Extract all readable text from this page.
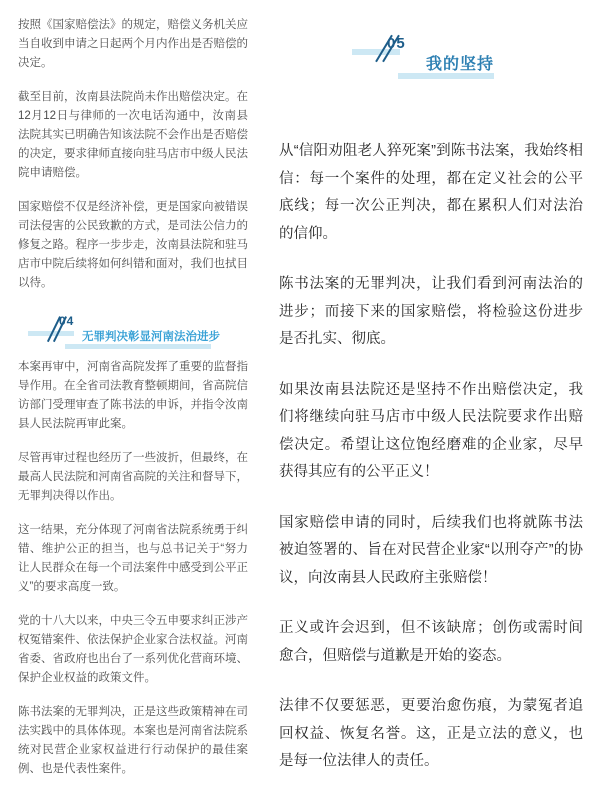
按照《国家赔偿法》的规定，赔偿义务机关应当自收到申请之日起两个月内作出是否赔偿的决定。

截至目前，汝南县法院尚未作出赔偿决定。在12月12日与律师的一次电话沟通中，汝南县法院其实已明确告知该法院不会作出是否赔偿的决定，要求律师直接向驻马店市中级人民法院申请赔偿。

国家赔偿不仅是经济补偿，更是国家向被错误司法侵害的公民致歉的方式，是司法公信力的修复之路。程序一步步走，汝南县法院和驻马店市中院后续将如何纠错和面对，我们也拭目以待。

04
无罪判决彰显河南法治进步

本案再审中，河南省高院发挥了重要的监督指导作用。在全省司法教育整顿期间，省高院信访部门受理审查了陈书法的申诉，并指令汝南县人民法院再审此案。

尽管再审过程也经历了一些波折，但最终，在最高人民法院和河南省高院的关注和督导下，无罪判决得以作出。

这一结果，充分体现了河南省法院系统勇于纠错、维护公正的担当，也与总书记关于“努力让人民群众在每一个司法案件中感受到公平正义”的要求高度一致。

党的十八大以来，中央三令五申要求纠正涉产权冤错案件、依法保护企业家合法权益。河南省委、省政府也出台了一系列优化营商环境、保护企业权益的政策文件。

陈书法案的无罪判决，正是这些政策精神在司法实践中的具体体现。本案也是河南省法院系统对民营企业家权益进行行动保护的最佳案例、也是代表性案件。

05
我的坚持

从“信阳劝阻老人猝死案”到陈书法案，我始终相信：每一个案件的处理，都在定义社会的公平底线；每一次公正判决，都在累积人们对法治的信仰。

陈书法案的无罪判决，让我们看到河南法治的进步；而接下来的国家赔偿，将检验这份进步是否扎实、彻底。

如果汝南县法院还是坚持不作出赔偿决定，我们将继续向驻马店市中级人民法院要求作出赔偿决定。希望让这位饱经磨难的企业家，尽早获得其应有的公平正义！

国家赔偿申请的同时，后续我们也将就陈书法被迫签署的、旨在对民营企业家“以刑夺产”的协议，向汝南县人民政府主张赔偿！

正义或许会迟到，但不该缺席；创伤或需时间愈合，但赔偿与道歉是开始的姿态。

法律不仅要惩恶，更要治愈伤痕，为蒙冤者追回权益、恢复名誉。这，正是立法的意义，也是每一位法律人的责任。
